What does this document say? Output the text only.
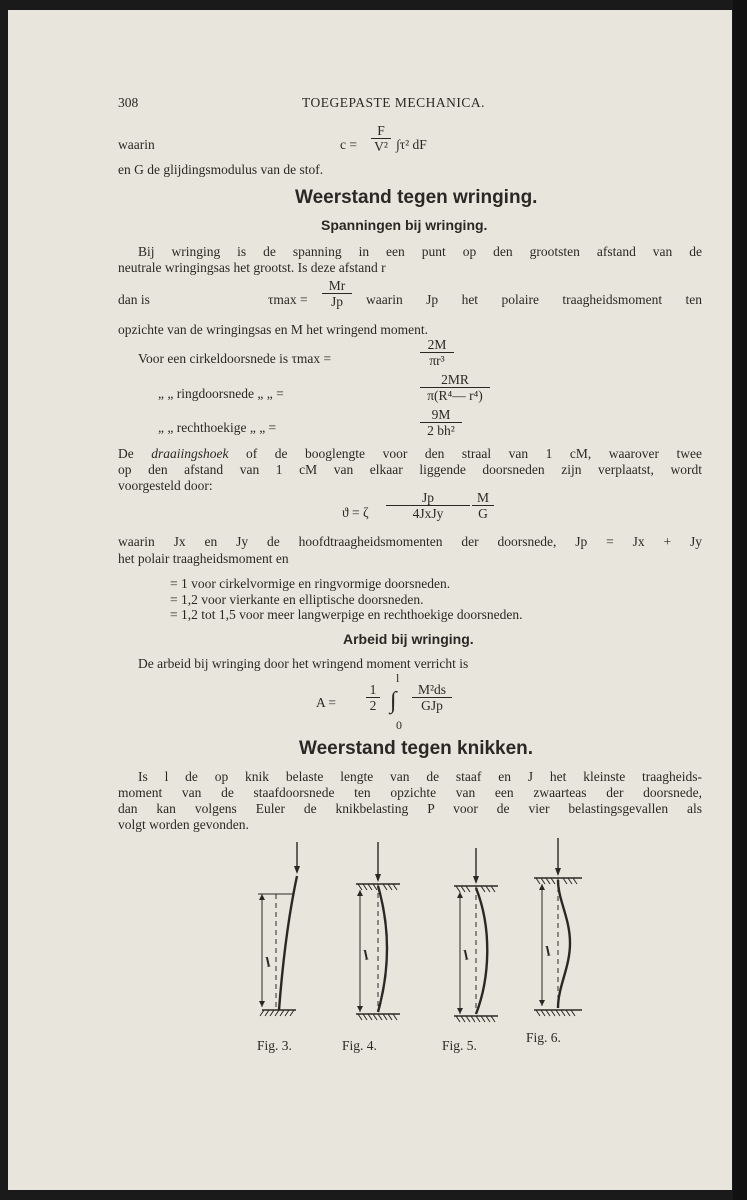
308	TOEGEPASTE MECHANICA.
waarin	$c = \frac{F}{\text{V²}} \int\tau^2$ dF
en G de glijdingsmodulus van de stof.
Weerstand tegen wringing.
Spanningen bij wringing.
Bij wringing is de spanning in een punt op den grootsten afstand van de
neutrale wringingsas het grootst. Is deze afstand r
dan is	$\tau\max = \frac{Mr}{Jp}$ waarin Jp het polaire traagheidsmoment ten
opzichte van de wringingsas en M het wringend moment.
Voor een cirkeldoorsnede is τmax =	$\frac{2M}{\text{πr³}}$
„ „ ringdoorsnede „ „ =	$\frac{2MR}{\text{π(R⁴— r⁴)}}$
„ „ rechthoekige „ „ =	$\frac{9M}{\text{2 bh²}}$
De draaiingshoek of de booglengte voor den straal van 1 cM, waarover twee
op den afstand van 1 cM van elkaar liggende doorsneden zijn verplaatst, wordt
voorgesteld door:
ϑ = ζ
Jp
4JxJy	$\frac{M}{G}$
waarin Jx en Jy de hoofdtraagheidsmomenten der doorsnede, Jp = Jx + Jy
het polair traagheidsmoment en
= 1 voor cirkelvormige en ringvormige doorsneden.
= 1,2 voor vierkante en elliptische doorsneden.
= 1,2 tot 1,5 voor meer langwerpige en rechthoekige doorsneden.
Arbeid bij wringing.
De arbeid bij wringing door het wringend moment verricht is
$A = \frac{1}{2}$
l
∫
0
M²ds
GJp
Weerstand tegen knikken.
Is l de op knik belaste lengte van de staaf en J het kleinste traagheids-
moment van de staafdoorsnede ten opzichte van een zwaarteas der doorsnede,
dan kan volgens Euler de knikbelasting P voor de vier belastingsgevallen als
volgt worden gevonden.
l	l	l	l
Fig. 3.	Fig. 4.	Fig. 5.
Fig. 6.
